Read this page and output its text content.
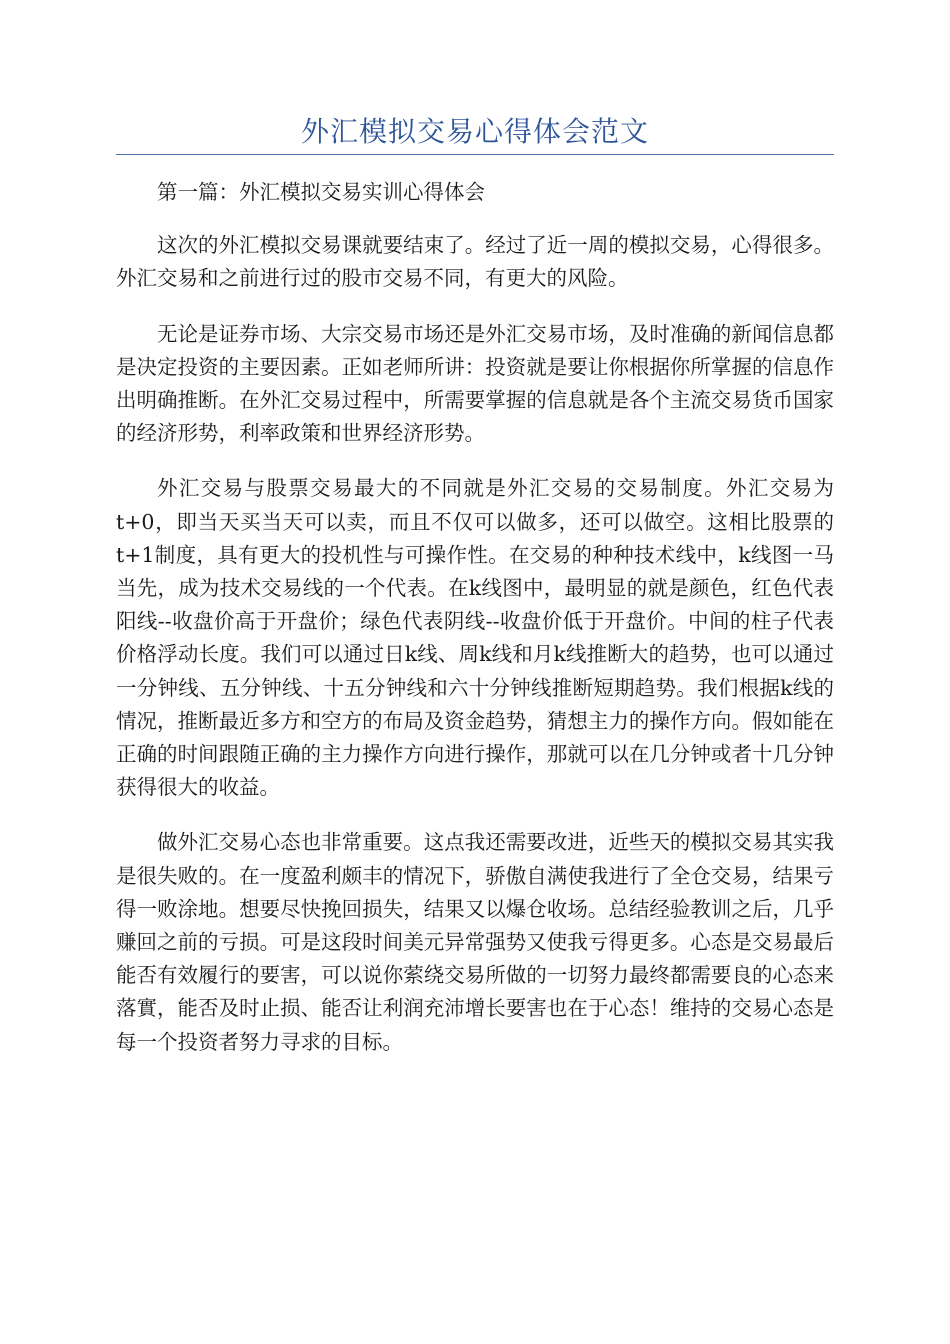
外汇模拟交易心得体会范文

第一篇：外汇模拟交易实训心得体会

这次的外汇模拟交易课就要结束了。经过了近一周的模拟交易，心得很多。外汇交易和之前进行过的股市交易不同，有更大的风险。

无论是证券市场、大宗交易市场还是外汇交易市场，及时准确的新闻信息都是决定投资的主要因素。正如老师所讲：投资就是要让你根据你所掌握的信息作出明确推断。在外汇交易过程中，所需要掌握的信息就是各个主流交易货币国家的经济形势，利率政策和世界经济形势。

外汇交易与股票交易最大的不同就是外汇交易的交易制度。外汇交易为t+0，即当天买当天可以卖，而且不仅可以做多，还可以做空。这相比股票的t+1制度，具有更大的投机性与可操作性。在交易的种种技术线中，k线图一马当先，成为技术交易线的一个代表。在k线图中，最明显的就是颜色，红色代表阳线--收盘价高于开盘价；绿色代表阴线--收盘价低于开盘价。中间的柱子代表价格浮动长度。我们可以通过日k线、周k线和月k线推断大的趋势，也可以通过一分钟线、五分钟线、十五分钟线和六十分钟线推断短期趋势。我们根据k线的情况，推断最近多方和空方的布局及资金趋势，猜想主力的操作方向。假如能在正确的时间跟随正确的主力操作方向进行操作，那就可以在几分钟或者十几分钟获得很大的收益。

做外汇交易心态也非常重要。这点我还需要改进，近些天的模拟交易其实我是很失败的。在一度盈利颇丰的情况下，骄傲自满使我进行了全仓交易，结果亏得一败涂地。想要尽快挽回损失，结果又以爆仓收场。总结经验教训之后，几乎赚回之前的亏损。可是这段时间美元异常强势又使我亏得更多。心态是交易最后能否有效履行的要害，可以说你萦绕交易所做的一切努力最终都需要良的心态来落實，能否及时止损、能否让利润充沛增长要害也在于心态！维持的交易心态是每一个投资者努力寻求的目标。
